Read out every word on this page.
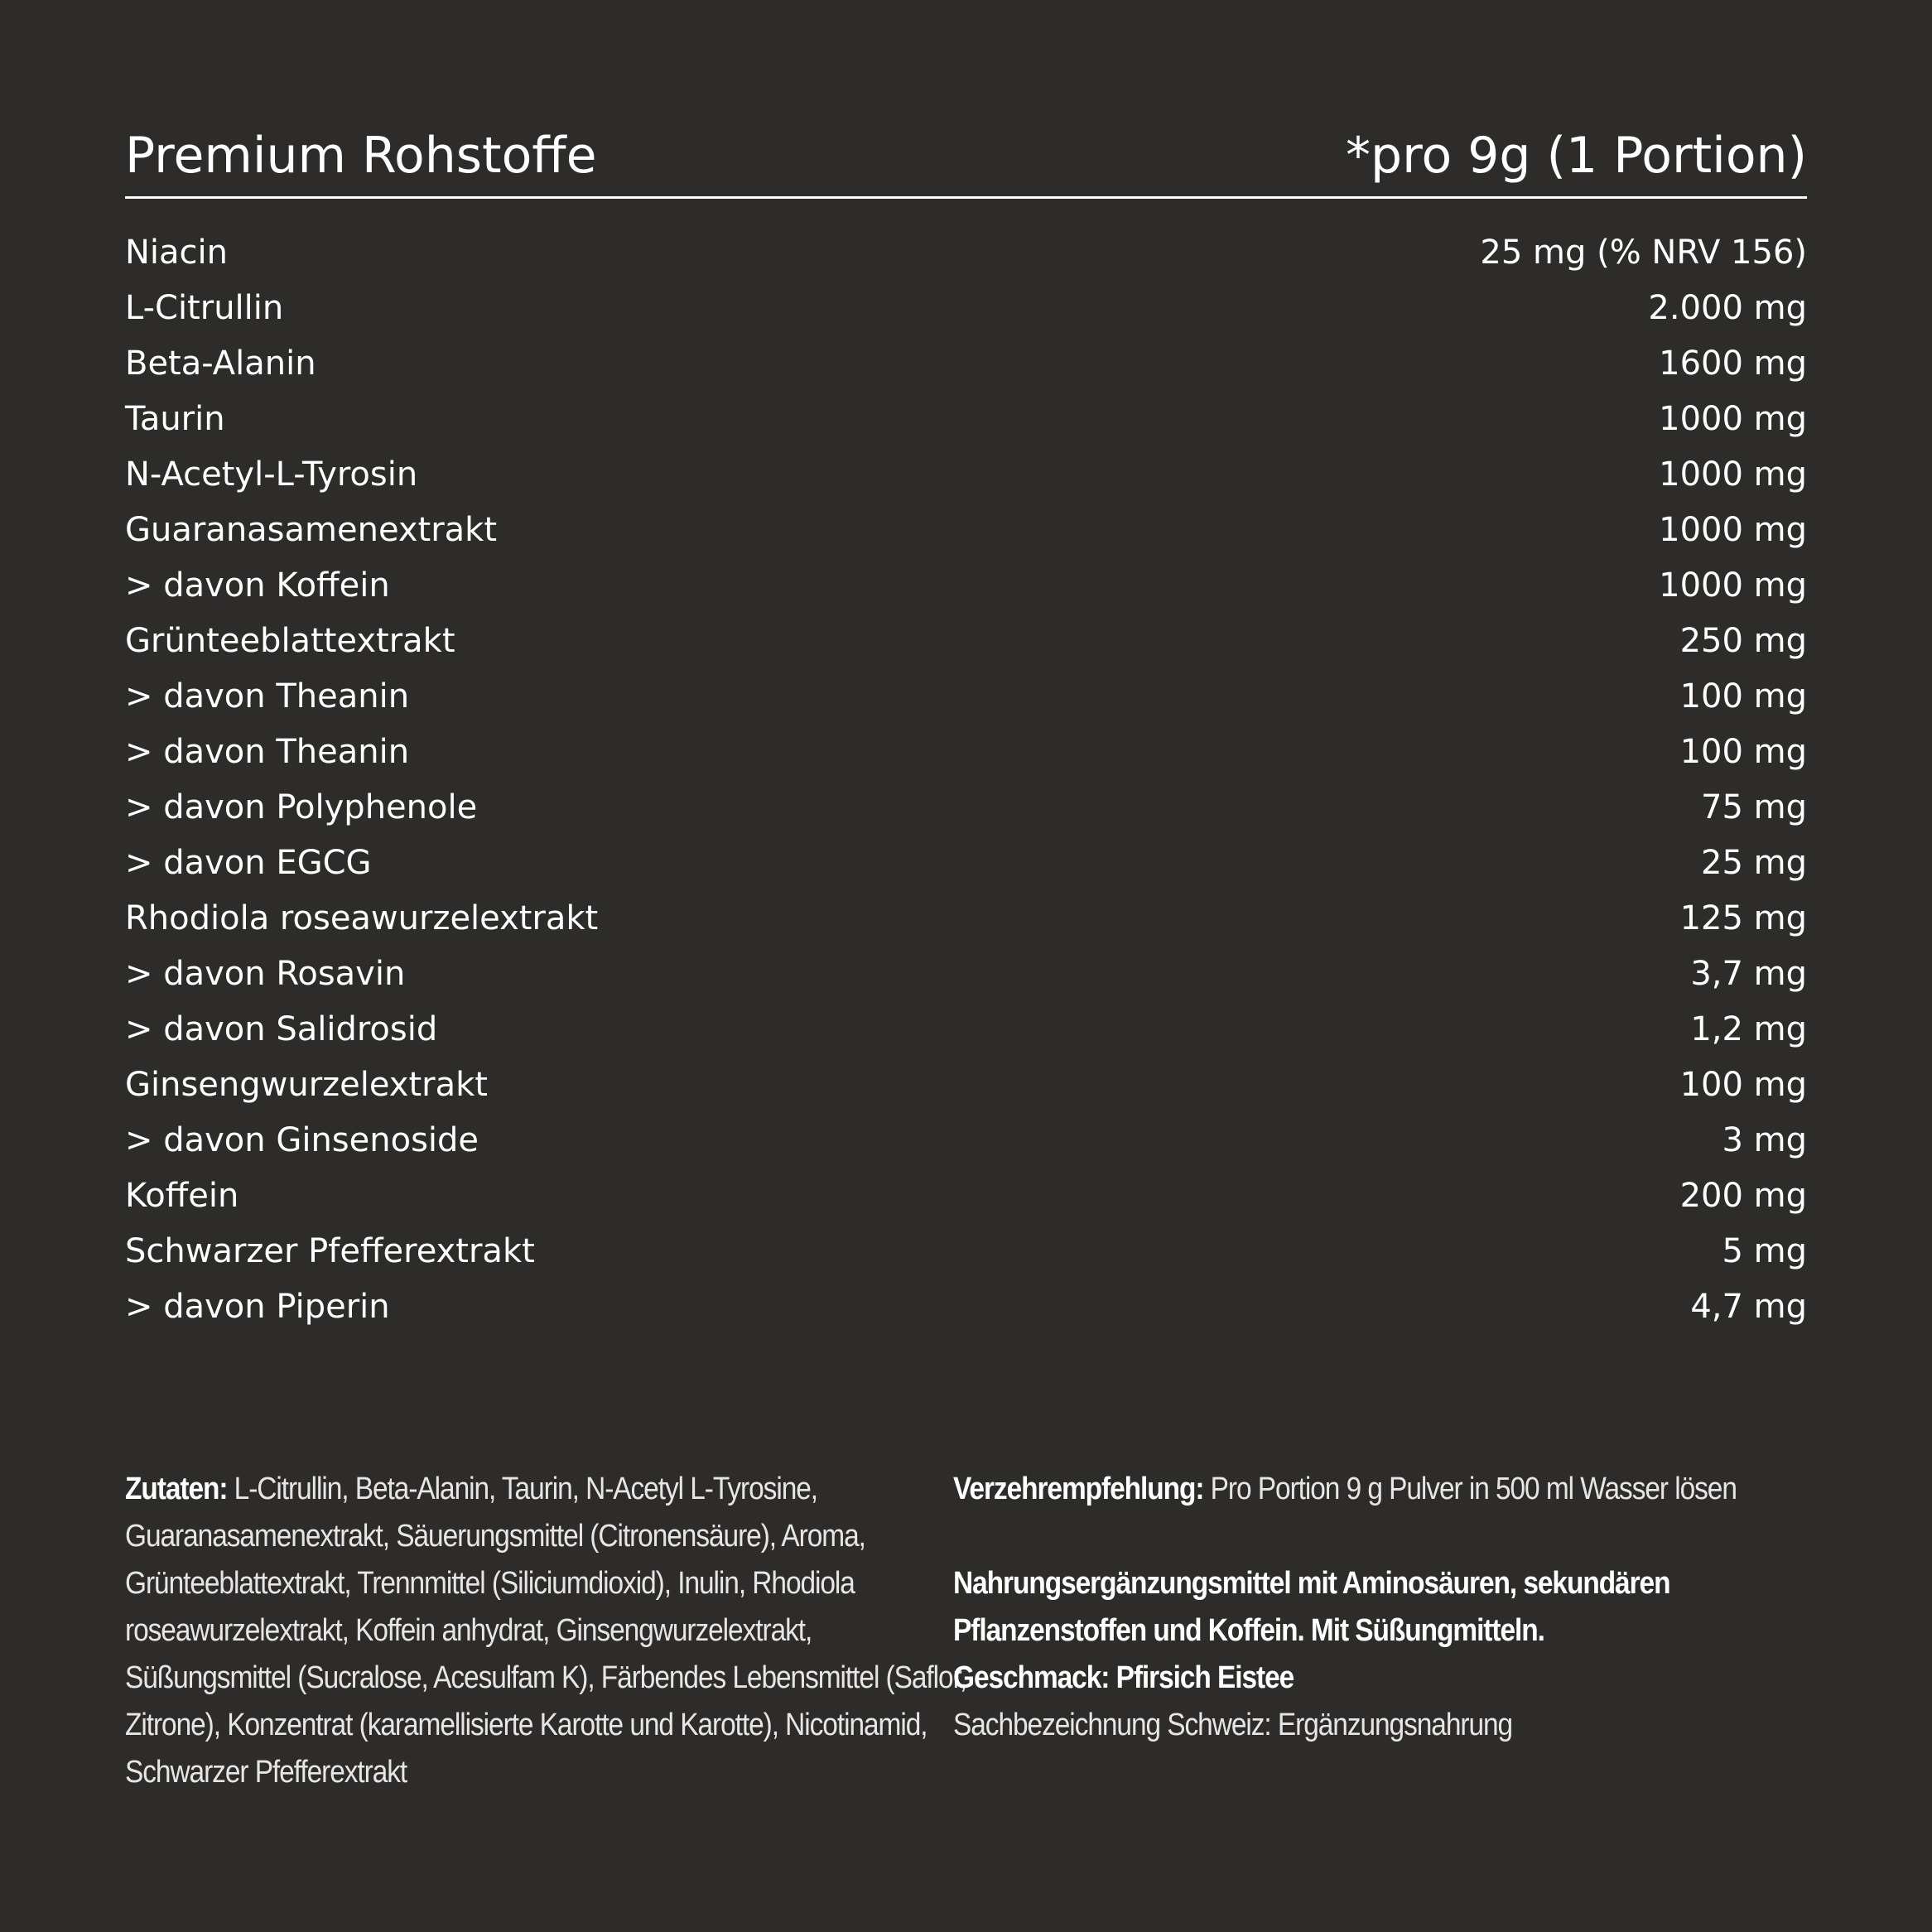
Premium Rohstoffe	*pro 9g (1 Portion)
Niacin	25 mg (% NRV 156)
L-Citrullin	2.000 mg
Beta-Alanin	1600 mg
Taurin	1000 mg
N-Acetyl-L-Tyrosin	1000 mg
Guaranasamenextrakt	1000 mg
> davon Koffein	1000 mg
Grünteeblattextrakt	250 mg
> davon Theanin	100 mg
> davon Theanin	100 mg
> davon Polyphenole	75 mg
> davon EGCG	25 mg
Rhodiola roseawurzelextrakt	125 mg
> davon Rosavin	3,7 mg
> davon Salidrosid	1,2 mg
Ginsengwurzelextrakt	100 mg
> davon Ginsenoside	3 mg
Koffein	200 mg
Schwarzer Pfefferextrakt	5 mg
> davon Piperin	4,7 mg

Zutaten: L-Citrullin, Beta-Alanin, Taurin, N-Acetyl L-Tyrosine, Guaranasamenextrakt, Säuerungsmittel (Citronensäure), Aroma, Grünteeblattextrakt, Trennmittel (Siliciumdioxid), Inulin, Rhodiola roseawurzelextrakt, Koffein anhydrat, Ginsengwurzelextrakt, Süßungsmittel (Sucralose, Acesulfam K), Färbendes Lebensmittel (Saflor, Zitrone), Konzentrat (karamellisierte Karotte und Karotte), Nicotinamid, Schwarzer Pfefferextrakt

Verzehrempfehlung: Pro Portion 9 g Pulver in 500 ml Wasser lösen

Nahrungsergänzungsmittel mit Aminosäuren, sekundären Pflanzenstoffen und Koffein. Mit Süßungmitteln.
Geschmack: Pfirsich Eistee
Sachbezeichnung Schweiz: Ergänzungsnahrung
